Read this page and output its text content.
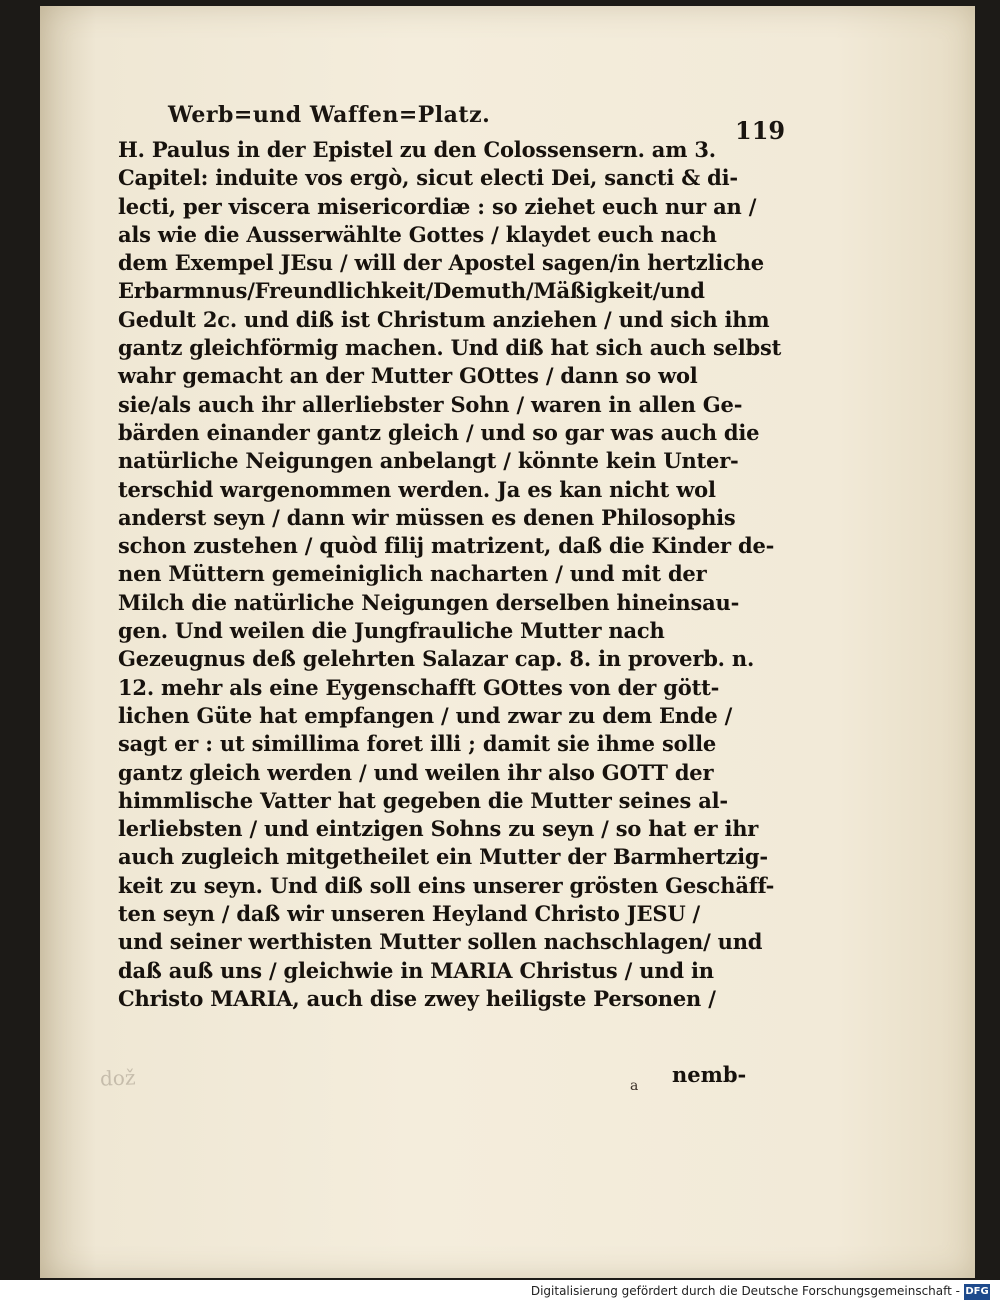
Werb=und Waffen=Platz.
119
H. Paulus in der Epistel zu den Colossensern. am 3.
Capitel: induite vos ergò, sicut electi Dei, sancti & di-
lecti, per viscera misericordiæ : so ziehet euch nur an /
als wie die Ausserwählte Gottes / klaydet euch nach
dem Exempel JEsu / will der Apostel sagen/in hertzliche
Erbarmnus/Freundlichkeit/Demuth/Mäßigkeit/und
Gedult 2c. und diß ist Christum anziehen / und sich ihm
gantz gleichförmig machen. Und diß hat sich auch selbst
wahr gemacht an der Mutter GOttes / dann so wol
sie/als auch ihr allerliebster Sohn / waren in allen Ge-
bärden einander gantz gleich / und so gar was auch die
natürliche Neigungen anbelangt / könnte kein Unter-
terschid wargenommen werden. Ja es kan nicht wol
anderst seyn / dann wir müssen es denen Philosophis
schon zustehen / quòd filij matrizent, daß die Kinder de-
nen Müttern gemeiniglich nacharten / und mit der
Milch die natürliche Neigungen derselben hineinsau-
gen. Und weilen die Jungfrauliche Mutter nach
Gezeugnus deß gelehrten Salazar cap. 8. in proverb. n.
12. mehr als eine Eygenschafft GOttes von der gött-
lichen Güte hat empfangen / und zwar zu dem Ende /
sagt er : ut simillima foret illi ; damit sie ihme solle
gantz gleich werden / und weilen ihr also GOTT der
himmlische Vatter hat gegeben die Mutter seines al-
lerliebsten / und eintzigen Sohns zu seyn / so hat er ihr
auch zugleich mitgetheilet ein Mutter der Barmhertzig-
keit zu seyn. Und diß soll eins unserer grösten Geschäff-
ten seyn / daß wir unseren Heyland Christo JESU /
und seiner werthisten Mutter sollen nachschlagen/ und
daß auß uns / gleichwie in MARIA Christus / und in
Christo MARIA, auch dise zwey heiligste Personen /
dož	a nemb-
Digitalisierung gefördert durch die Deutsche Forschungsgemeinschaft - DFG
